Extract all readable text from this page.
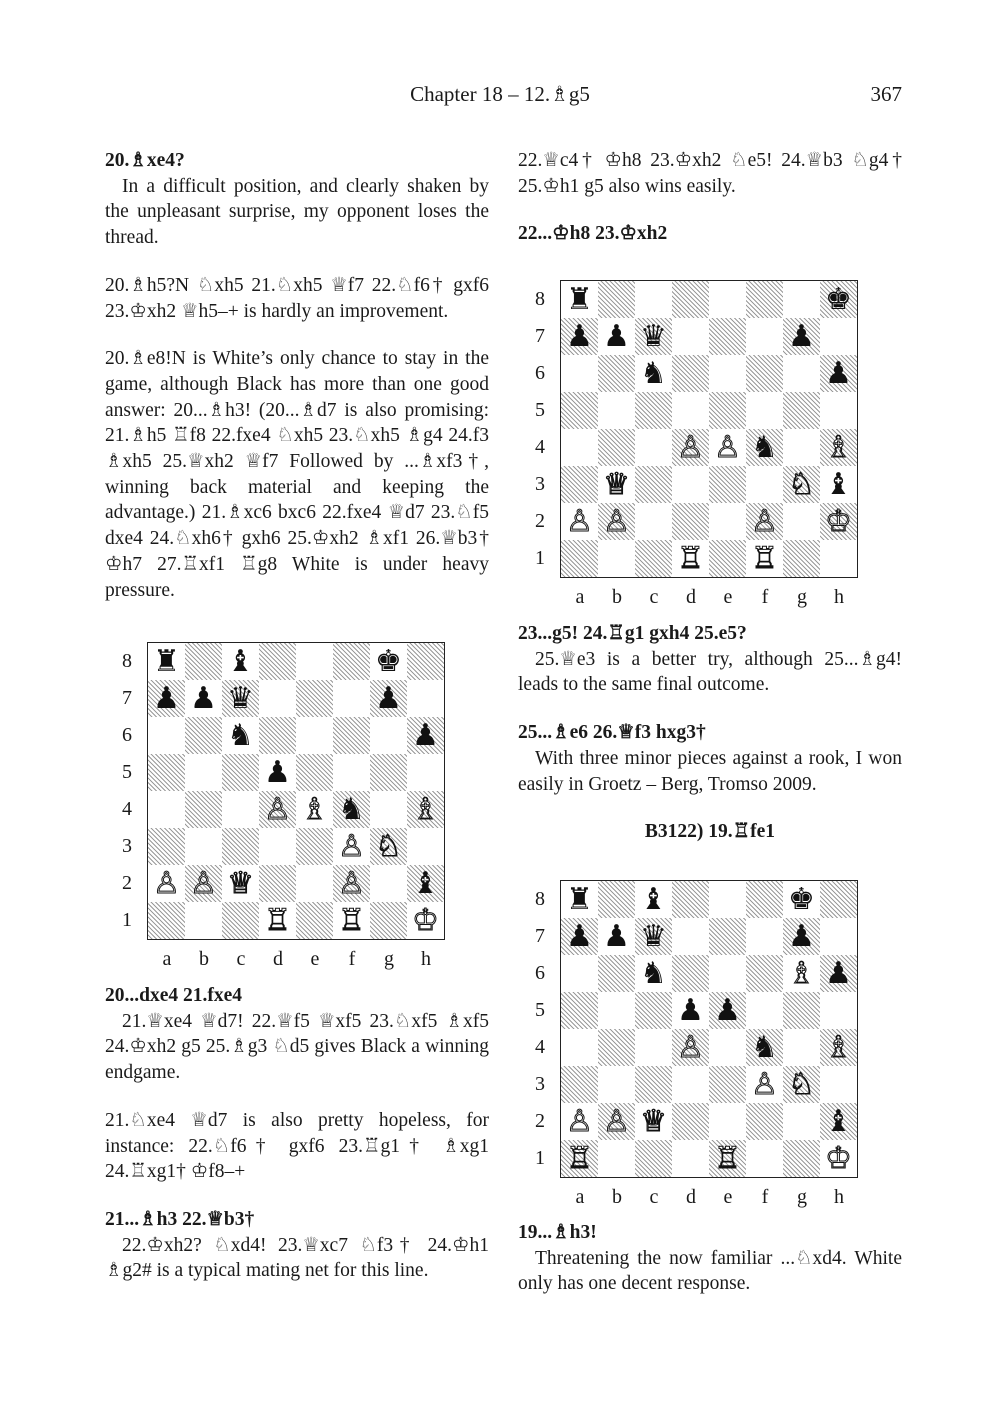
Chapter 18 – 12.♗g5	367

20.♗xe4?

In a difficult position, and clearly shaken by the unpleasant surprise, my opponent loses the thread.

20.♗h5?N ♘xh5 21.♘xh5 ♕f7 22.♘f6† gxf6 23.♔xh2 ♕h5–+ is hardly an improvement.

20.♗e8!N is White’s only chance to stay in the game, although Black has more than one good answer: 20...♗h3! (20...♗d7 is also promising: 21.♗h5 ♖f8 22.fxe4 ♘xh5 23.♘xh5 ♗g4 24.f3 ♗xh5 25.♕xh2 ♕f7 Followed by ...♗xf3†, winning back material and keeping the advantage.) 21.♗xc6 bxc6 22.fxe4 ♕d7 23.♘f5 dxe4 24.♘xh6† gxh6 25.♔xh2 ♗xf1 26.♕b3† ♔h7 27.♖xf1 ♖g8 White is under heavy pressure.

♜ ♝	♚
♟ ♟ ♛	♟
♞	♟
♟
♙ ♗ ♞ ♗
♙ ♘
♙ ♙ ♕	♙ ♝
♖ ♖ ♔
8
7
6
5
4
3
2
1
a	b	c	d	e	f	g	h

20...dxe4 21.fxe4

21.♕xe4 ♕d7! 22.♕f5 ♕xf5 23.♘xf5 ♗xf5 24.♔xh2 g5 25.♗g3 ♘d5 gives Black a winning endgame.

21.♘xe4 ♕d7 is also pretty hopeless, for instance: 22.♘f6† gxf6 23.♖g1† ♗xg1 24.♖xg1† ♔f8–+

21...♗h3 22.♕b3†

22.♔xh2? ♘xd4! 23.♕xc7 ♘f3† 24.♔h1 ♗g2# is a typical mating net for this line.

22.♕c4† ♔h8 23.♔xh2 ♘e5! 24.♕b3 ♘g4† 25.♔h1 g5 also wins easily.

22...♔h8 23.♔xh2

♜	♚
♟ ♟ ♛	♟
♞	♟
♙ ♙ ♞ ♗
♕	♘ ♝
♙ ♙	♙ ♔
♖ ♖
8
7
6
5
4
3
2
1
a	b	c	d	e	f	g	h

23...g5! 24.♖g1 gxh4 25.e5?

25.♕e3 is a better try, although 25...♗g4! leads to the same final outcome.

25...♗e6 26.♕f3 hxg3†

With three minor pieces against a rook, I won easily in Groetz – Berg, Tromso 2009.

B3122) 19.♖fe1

♜ ♝	♚
♟ ♟ ♛	♟
♞	♗ ♟
♟ ♟
♙ ♞ ♗
♙ ♘
♙ ♙ ♕	♝
♖	♖	♔
8
7
6
5
4
3
2
1
a	b	c	d	e	f	g	h

19...♗h3!

Threatening the now familiar ...♘xd4. White only has one decent response.
